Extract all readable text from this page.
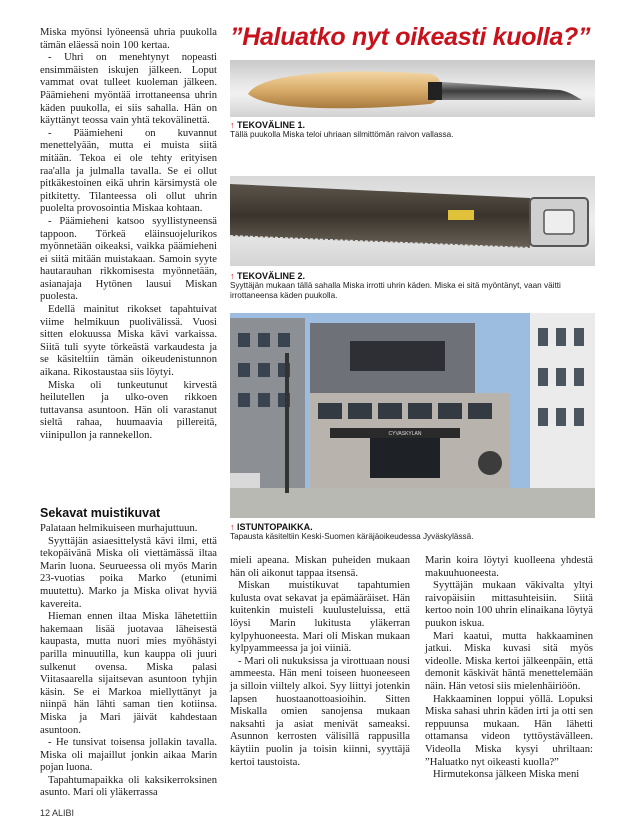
”Haluatko nyt oikeasti kuolla?”

Miska myönsi lyöneensä uhria puukolla tämän eläessä noin 100 kertaa.

- Uhri on menehtynyt nopeasti ensimmäisten iskujen jälkeen. Loput vammat ovat tulleet kuoleman jälkeen. Päämieheni myöntää irrottaneensa uhrin käden puukolla, ei siis sahalla. Hän on käyttänyt teossa vain yhtä tekovälinettä.

- Päämieheni on kuvannut menettelyään, mutta ei muista siitä mitään. Tekoa ei ole tehty erityisen raa'alla ja julmalla tavalla. Se ei ollut pitkäkestoinen eikä uhrin kärsimystä ole pitkitetty. Tilanteessa oli ollut uhrin puolelta provosointia Miskaa kohtaan.

- Päämieheni katsoo syyllistyneensä tappoon. Törkeä eläinsuojelurikos myönnetään oikeaksi, vaikka päämieheni ei siitä mitään muistakaan. Samoin syyte hautarauhan rikkomisesta myönnetään, asianajaja Hytönen lausui Miskan puolesta.

Edellä mainitut rikokset tapahtuivat viime helmikuun puolivälissä. Vuosi sitten elokuussa Miska kävi varkaissa. Siitä tuli syyte törkeästä varkaudesta ja se käsiteltiin tämän oikeudenistunnon aikana. Rikostaustaa siis löytyi.

Miska oli tunkeutunut kirvestä heilutellen ja ulko-oven rikkoen tuttavansa asuntoon. Hän oli varastanut sieltä rahaa, huumaavia pillereitä, viinipullon ja rannekellon.

↑ TEKOVÄLINE 1.
Tällä puukolla Miska teloi uhriaan silmittömän raivon vallassa.
↑ TEKOVÄLINE 2.
Syyttäjän mukaan tällä sahalla Miska irrotti uhrin käden. Miska ei sitä myöntänyt, vaan väitti irrottaneensa käden puukolla.
CYVASKYLAN
↑ ISTUNTOPAIKKA.
Tapausta käsiteltiin Keski-Suomen käräjäoikeudessa Jyväskylässä.
Sekavat muistikuvat

Palataan helmikuiseen murhajuttuun.

Syyttäjän asiaesittelystä kävi ilmi, että tekopäivänä Miska oli viettämässä iltaa Marin luona. Seurueessa oli myös Marin 23-vuotias poika Marko (etunimi muutettu). Marko ja Miska olivat hyviä kavereita.

Hieman ennen iltaa Miska lähetettiin hakemaan lisää juotavaa läheisestä kaupasta, mutta nuori mies myöhästyi parilla minuutilla, kun kauppa oli juuri sulkenut ovensa. Miska palasi Viitasaarella sijaitsevan asuntoon tyhjin käsin. Se ei Markoa miellyttänyt ja niinpä hän lähti saman tien kotiinsa. Miska ja Mari jäivät kahdestaan asuntoon.

- He tunsivat toisensa jollakin tavalla. Miska oli majaillut jonkin aikaa Marin pojan luona.

Tapahtumapaikka oli kaksikerroksinen asunto. Mari oli yläkerrassa

mieli apeana. Miskan puheiden mukaan hän oli aikonut tappaa itsensä.

Miskan muistikuvat tapahtumien kulusta ovat sekavat ja epämääräiset. Hän kuitenkin muisteli kuulusteluissa, että löysi Marin lukitusta yläkerran kylpyhuoneesta. Mari oli Miskan mukaan kylpyammeessa ja joi viiniä.

- Mari oli nukuksissa ja virottuaan nousi ammeesta. Hän meni toiseen huoneeseen ja silloin viiltely alkoi. Syy liittyi jotenkin lapsen huostaanottoasioihin. Sitten Miskalla omien sanojensa mukaan naksahti ja asiat menivät sameaksi. Asunnon kerrosten välisillä rappusilla käytiin puolin ja toisin kiinni, syyttäjä kertoi taustoista.

Marin koira löytyi kuolleena yhdestä makuuhuoneesta.

Syyttäjän mukaan väkivalta yltyi raivopäisiin mittasuhteisiin. Siitä kertoo noin 100 uhrin elinaikana löytyä puukon iskua.

Mari kaatui, mutta hakkaaminen jatkui. Miska kuvasi sitä myös videolle. Miska kertoi jälkeenpäin, että demonit käskivät häntä menettelemään näin. Hän vetosi siis mielenhäiriöön.

Hakkaaminen loppui yöllä. Lopuksi Miska sahasi uhrin käden irti ja otti sen reppuunsa mukaan. Hän lähetti ottamansa videon tyttöystävälleen. Videolla Miska kysyi uhriltaan: ”Haluatko nyt oikeasti kuolla?”

Hirmutekonsa jälkeen Miska meni

12 ALIBI
